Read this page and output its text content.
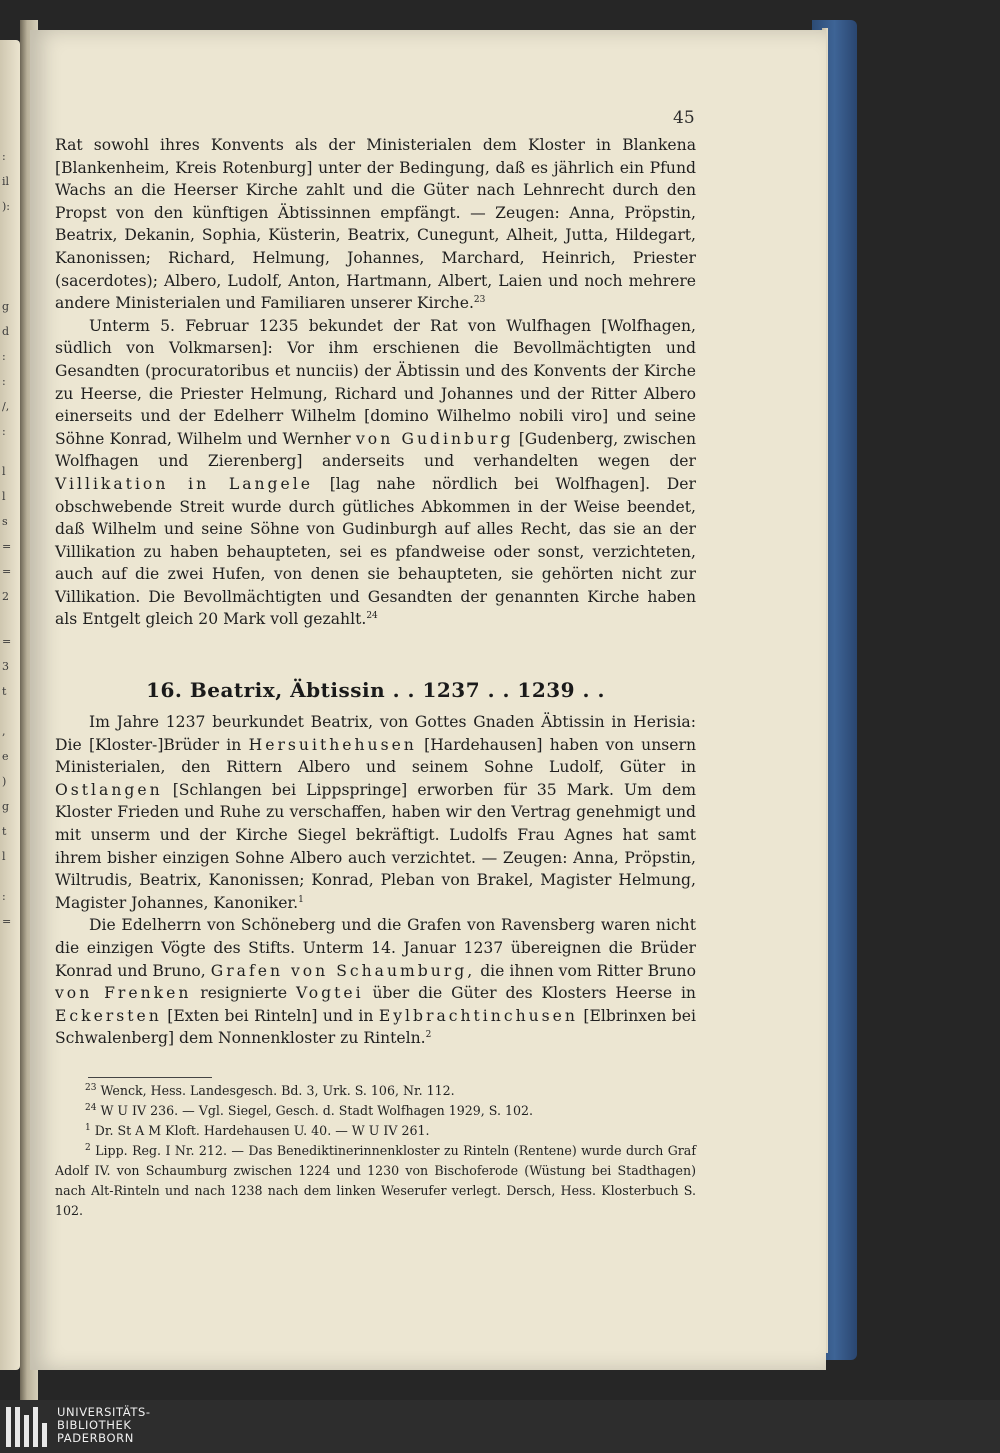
:
il
):
g
d
:
:
/,
:
l
l
s
=
=
2
=
3
t
,
e
)
g
t
l
:
=
45

Rat sowohl ihres Konvents als der Ministerialen dem Kloster in Blankena [Blankenheim, Kreis Rotenburg] unter der Bedingung, daß es jährlich ein Pfund Wachs an die Heerser Kirche zahlt und die Güter nach Lehnrecht durch den Propst von den künftigen Äbtissinnen empfängt. — Zeugen: Anna, Pröpstin, Beatrix, Dekanin, Sophia, Küsterin, Beatrix, Cunegunt, Alheit, Jutta, Hildegart, Kanonissen; Richard, Helmung, Johannes, Marchard, Heinrich, Priester (sacerdotes); Albero, Ludolf, Anton, Hartmann, Albert, Laien und noch mehrere andere Ministerialen und Familiaren unserer Kirche.$^{23}$

Unterm 5. Februar 1235 bekundet der Rat von Wulfhagen [Wolfhagen, südlich von Volkmarsen]: Vor ihm erschienen die Bevollmächtigten und Gesandten (procuratoribus et nunciis) der Äbtissin und des Konvents der Kirche zu Heerse, die Priester Helmung, Richard und Johannes und der Ritter Albero einerseits und der Edelherr Wilhelm [domino Wilhelmo nobili viro] und seine Söhne Konrad, Wilhelm und Wernher von Gudinburg [Gudenberg, zwischen Wolfhagen und Zierenberg] anderseits und verhandelten wegen der Villikation in Langele [lag nahe nördlich bei Wolfhagen]. Der obschwebende Streit wurde durch gütliches Abkommen in der Weise beendet, daß Wilhelm und seine Söhne von Gudinburgh auf alles Recht, das sie an der Villikation zu haben behaupteten, sei es pfandweise oder sonst, verzichteten, auch auf die zwei Hufen, von denen sie behaupteten, sie gehörten nicht zur Villikation. Die Bevollmächtigten und Gesandten der genannten Kirche haben als Entgelt gleich 20 Mark voll gezahlt.$^{24}$

16. Beatrix, Äbtissin . . 1237 . . 1239 . .

Im Jahre 1237 beurkundet Beatrix, von Gottes Gnaden Äbtissin in Herisia: Die [Kloster-]Brüder in Hersuithehusen [Hardehausen] haben von unsern Ministerialen, den Rittern Albero und seinem Sohne Ludolf, Güter in Ostlangen [Schlangen bei Lippspringe] erworben für 35 Mark. Um dem Kloster Frieden und Ruhe zu verschaffen, haben wir den Vertrag genehmigt und mit unserm und der Kirche Siegel bekräftigt. Ludolfs Frau Agnes hat samt ihrem bisher einzigen Sohne Albero auch verzichtet. — Zeugen: Anna, Pröpstin, Wiltrudis, Beatrix, Kanonissen; Konrad, Pleban von Brakel, Magister Helmung, Magister Johannes, Kanoniker.$^1$

Die Edelherrn von Schöneberg und die Grafen von Ravensberg waren nicht die einzigen Vögte des Stifts. Unterm 14. Januar 1237 übereignen die Brüder Konrad und Bruno, Grafen von Schaumburg, die ihnen vom Ritter Bruno von Frenken resignierte Vogtei über die Güter des Klosters Heerse in Eckersten [Exten bei Rinteln] und in Eylbrachtinchusen [Elbrinxen bei Schwalenberg] dem Nonnenkloster zu Rinteln.$^2$

$^{23}$ Wenck, Hess. Landesgesch. Bd. 3, Urk. S. 106, Nr. 112.

$^{24}$ W U IV 236. — Vgl. Siegel, Gesch. d. Stadt Wolfhagen 1929, S. 102.

$^1$ Dr. St A M Kloft. Hardehausen U. 40. — W U IV 261.

$^2$ Lipp. Reg. I Nr. 212. — Das Benediktinerinnenkloster zu Rinteln (Rentene) wurde durch Graf Adolf IV. von Schaumburg zwischen 1224 und 1230 von Bischoferode (Wüstung bei Stadthagen) nach Alt-Rinteln und nach 1238 nach dem linken Weserufer verlegt. Dersch, Hess. Klosterbuch S. 102.

UNIVERSITÄTS-
BIBLIOTHEK
PADERBORN
